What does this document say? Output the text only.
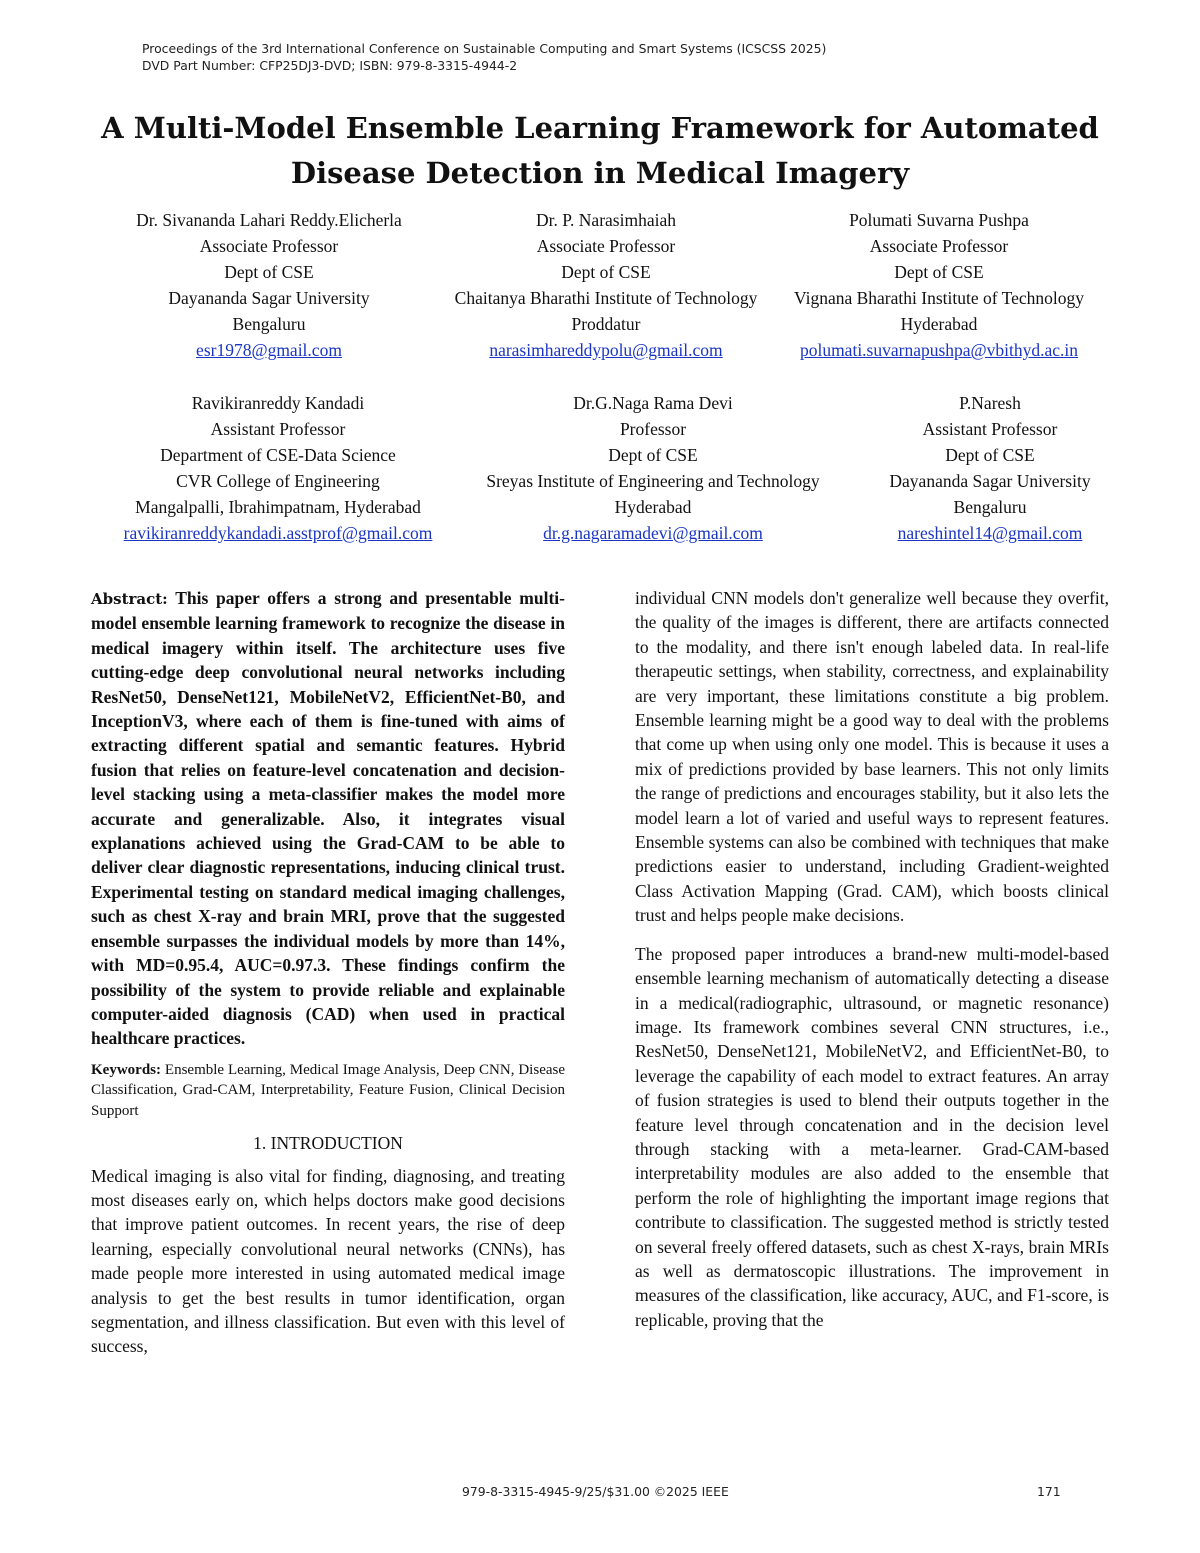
Proceedings of the 3rd International Conference on Sustainable Computing and Smart Systems (ICSCSS 2025)
DVD Part Number: CFP25DJ3-DVD; ISBN: 979-8-3315-4944-2
A Multi-Model Ensemble Learning Framework for Automated
Disease Detection in Medical Imagery
Dr. Sivananda Lahari Reddy.Elicherla
Associate Professor
Dept of CSE
Dayananda Sagar University
Bengaluru
esr1978@gmail.com
Dr. P. Narasimhaiah
Associate Professor
Dept of CSE
Chaitanya Bharathi Institute of Technology
Proddatur
narasimhareddypolu@gmail.com
Polumati Suvarna Pushpa
Associate Professor
Dept of CSE
Vignana Bharathi Institute of Technology
Hyderabad
polumati.suvarnapushpa@vbithyd.ac.in
Ravikiranreddy Kandadi
Assistant Professor
Department of CSE-Data Science
CVR College of Engineering
Mangalpalli, Ibrahimpatnam, Hyderabad
ravikiranreddykandadi.asstprof@gmail.com
Dr.G.Naga Rama Devi
Professor
Dept of CSE
Sreyas Institute of Engineering and Technology
Hyderabad
dr.g.nagaramadevi@gmail.com
P.Naresh
Assistant Professor
Dept of CSE
Dayananda Sagar University
Bengaluru
nareshintel14@gmail.com

Abstract: This paper offers a strong and presentable multi-model ensemble learning framework to recognize the disease in medical imagery within itself. The architecture uses five cutting-edge deep convolutional neural networks including ResNet50, DenseNet121, MobileNetV2, EfficientNet-B0, and InceptionV3, where each of them is fine-tuned with aims of extracting different spatial and semantic features. Hybrid fusion that relies on feature-level concatenation and decision-level stacking using a meta-classifier makes the model more accurate and generalizable. Also, it integrates visual explanations achieved using the Grad-CAM to be able to deliver clear diagnostic representations, inducing clinical trust. Experimental testing on standard medical imaging challenges, such as chest X-ray and brain MRI, prove that the suggested ensemble surpasses the individual models by more than 14%, with MD=0.95.4, AUC=0.97.3. These findings confirm the possibility of the system to provide reliable and explainable computer-aided diagnosis (CAD) when used in practical healthcare practices.

Keywords: Ensemble Learning, Medical Image Analysis, Deep CNN, Disease Classification, Grad-CAM, Interpretability, Feature Fusion, Clinical Decision Support

1. INTRODUCTION

Medical imaging is also vital for finding, diagnosing, and treating most diseases early on, which helps doctors make good decisions that improve patient outcomes. In recent years, the rise of deep learning, especially convolutional neural networks (CNNs), has made people more interested in using automated medical image analysis to get the best results in tumor identification, organ segmentation, and illness classification. But even with this level of success,

individual CNN models don't generalize well because they overfit, the quality of the images is different, there are artifacts connected to the modality, and there isn't enough labeled data. In real-life therapeutic settings, when stability, correctness, and explainability are very important, these limitations constitute a big problem. Ensemble learning might be a good way to deal with the problems that come up when using only one model. This is because it uses a mix of predictions provided by base learners. This not only limits the range of predictions and encourages stability, but it also lets the model learn a lot of varied and useful ways to represent features. Ensemble systems can also be combined with techniques that make predictions easier to understand, including Gradient-weighted Class Activation Mapping (Grad. CAM), which boosts clinical trust and helps people make decisions.

The proposed paper introduces a brand-new multi-model-based ensemble learning mechanism of automatically detecting a disease in a medical(radiographic, ultrasound, or magnetic resonance) image. Its framework combines several CNN structures, i.e., ResNet50, DenseNet121, MobileNetV2, and EfficientNet-B0, to leverage the capability of each model to extract features. An array of fusion strategies is used to blend their outputs together in the feature level through concatenation and in the decision level through stacking with a meta-learner. Grad-CAM-based interpretability modules are also added to the ensemble that perform the role of highlighting the important image regions that contribute to classification. The suggested method is strictly tested on several freely offered datasets, such as chest X-rays, brain MRIs as well as dermatoscopic illustrations. The improvement in measures of the classification, like accuracy, AUC, and F1-score, is replicable, proving that the

979-8-3315-4945-9/25/$31.00 ©2025 IEEE	171
